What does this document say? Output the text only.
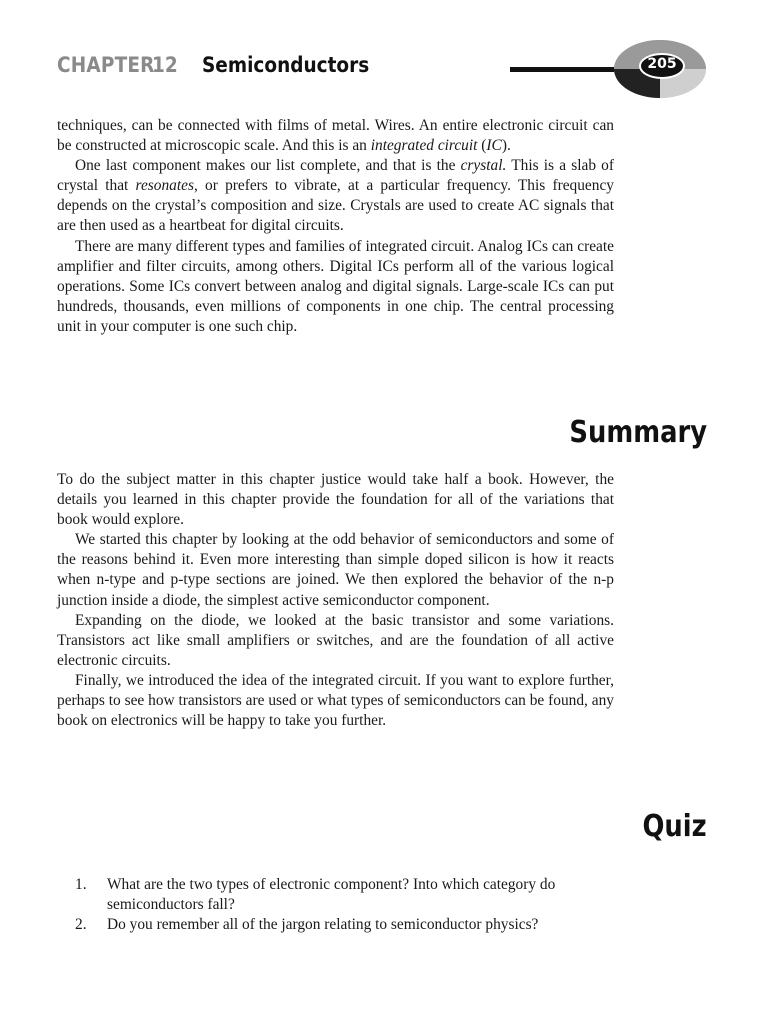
CHAPTER
12 Semiconductors	205

techniques, can be connected with films of metal. Wires. An entire electronic circuit can be constructed at microscopic scale. And this is an integrated circuit (IC).

One last component makes our list complete, and that is the crystal. This is a slab of crystal that resonates, or prefers to vibrate, at a particular frequency. This frequency depends on the crystal’s composition and size. Crystals are used to create AC signals that are then used as a heartbeat for digital circuits.

There are many different types and families of integrated circuit. Analog ICs can create amplifier and filter circuits, among others. Digital ICs perform all of the various logical operations. Some ICs convert between analog and digital signals. Large-scale ICs can put hundreds, thousands, even millions of components in one chip. The central processing unit in your computer is one such chip.

Summary

To do the subject matter in this chapter justice would take half a book. However, the details you learned in this chapter provide the foundation for all of the variations that book would explore.

We started this chapter by looking at the odd behavior of semiconductors and some of the reasons behind it. Even more interesting than simple doped silicon is how it reacts when n-type and p-type sections are joined. We then explored the behavior of the n-p junction inside a diode, the simplest active semiconductor component.

Expanding on the diode, we looked at the basic transistor and some variations. Transistors act like small amplifiers or switches, and are the foundation of all active electronic circuits.

Finally, we introduced the idea of the integrated circuit. If you want to explore further, perhaps to see how transistors are used or what types of semiconductors can be found, any book on electronics will be happy to take you further.

Quiz
1. What are the two types of electronic component? Into which category do semiconductors fall?
2. Do you remember all of the jargon relating to semiconductor physics?
